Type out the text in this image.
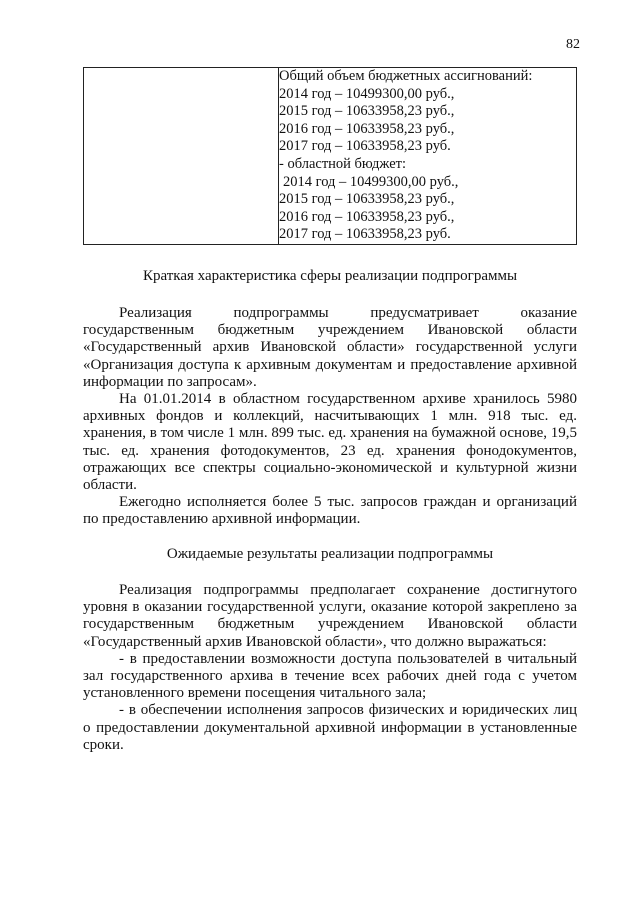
82

Общий объем бюджетных ассигнований:
2014 год – 10499300,00 руб.,
2015 год – 10633958,23 руб.,
2016 год – 10633958,23 руб.,
2017 год – 10633958,23 руб.
- областной бюджет:
2014 год – 10499300,00 руб.,
2015 год – 10633958,23 руб.,
2016 год – 10633958,23 руб.,
2017 год – 10633958,23 руб.
Краткая характеристика сферы реализации подпрограммы

Реализация подпрограммы предусматривает оказание государственным бюджетным учреждением Ивановской области «Государственный архив Ивановской области» государственной услуги «Организация доступа к архивным документам и предоставление архивной информации по запросам».

На 01.01.2014 в областном государственном архиве хранилось 5980 архивных фондов и коллекций, насчитывающих 1 млн. 918 тыс. ед. хранения, в том числе 1 млн. 899 тыс. ед. хранения на бумажной основе, 19,5 тыс. ед. хранения фотодокументов, 23 ед. хранения фонодокументов, отражающих все спектры социально-экономической и культурной жизни области.

Ежегодно исполняется более 5 тыс. запросов граждан и организаций по предоставлению архивной информации.

Ожидаемые результаты реализации подпрограммы

Реализация подпрограммы предполагает сохранение достигнутого уровня в оказании государственной услуги, оказание которой закреплено за государственным бюджетным учреждением Ивановской области «Государственный архив Ивановской области», что должно выражаться:

- в предоставлении возможности доступа пользователей в читальный зал государственного архива в течение всех рабочих дней года с учетом установленного времени посещения читального зала;

- в обеспечении исполнения запросов физических и юридических лиц о предоставлении документальной архивной информации в установленные сроки.
